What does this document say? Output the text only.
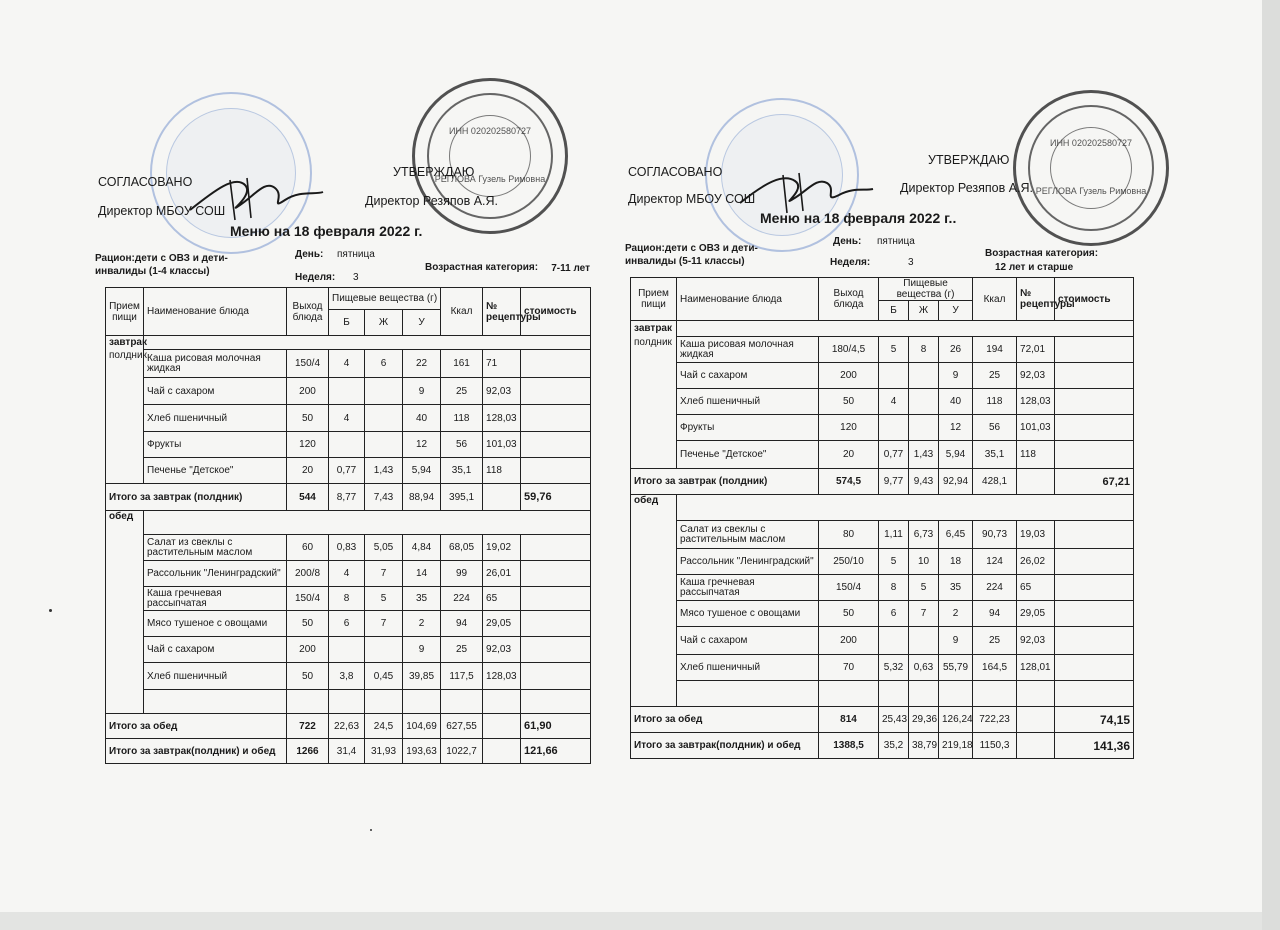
ИНН 020202580727
РЕГЛОВА Гузель Римовна
СОГЛАСОВАНО
Директор МБОУ СОШ
УТВЕРЖДАЮ
Директор Резяпов А.Я.
Меню на 18 февраля 2022 г.
Рацион:дети с ОВЗ и дети-инвалиды (1-4 классы)
День: пятница
Неделя: 3
Возрастная категория:	7-11 лет
Прием пищи	Наименование блюда	Выход блюда	Пищевые вещества (г)			Ккал	№ рецептуры	стоимость
			Б	Ж	У			
завтрак								
полдник	Каша рисовая молочная жидкая	150/4	4	6	22	161	71	
	Чай с сахаром	200			9	25	92,03	
	Хлеб пшеничный	50	4		40	118	128,03	
	Фрукты	120			12	56	101,03	
	Печенье "Детское"	20	0,77	1,43	5,94	35,1	118	
Итого за завтрак (полдник)		544	8,77	7,43	88,94	395,1		59,76
обед								
	Салат из свеклы с растительным маслом	60	0,83	5,05	4,84	68,05	19,02	
	Рассольник "Ленинградский"	200/8	4	7	14	99	26,01	
	Каша гречневая рассыпчатая	150/4	8	5	35	224	65	
	Мясо тушеное с овощами	50	6	7	2	94	29,05	
	Чай с сахаром	200			9	25	92,03	
	Хлеб пшеничный	50	3,8	0,45	39,85	117,5	128,03	

Итого за обед		722	22,63	24,5	104,69	627,55		61,90
Итого за завтрак(полдник) и обед		1266	31,4	31,93	193,63	1022,7		121,66
ИНН 020202580727
РЕГЛОВА Гузель Римовна
СОГЛАСОВАНО
Директор МБОУ СОШ
УТВЕРЖДАЮ
Директор Резяпов А.Я.
Меню на 18 февраля 2022 г..
Рацион:дети с ОВЗ и дети-инвалиды (5-11 классы)
День: пятница
Неделя:	3
Возрастная категория:
12 лет и старше
Прием пищи	Наименование блюда	Выход блюда	Пищевые вещества (г)			Ккал	№ рецептуры	стоимость
			Б	Ж	У			
завтрак								
полдник	Каша рисовая молочная жидкая	180/4,5	5	8	26	194	72,01	
	Чай с сахаром	200			9	25	92,03	
	Хлеб пшеничный	50	4		40	118	128,03	
	Фрукты	120			12	56	101,03	
	Печенье "Детское"	20	0,77	1,43	5,94	35,1	118	
Итого за завтрак (полдник)		574,5	9,77	9,43	92,94	428,1		67,21
обед								
	Салат из свеклы с растительным маслом	80	1,11	6,73	6,45	90,73	19,03	
	Рассольник "Ленинградский"	250/10	5	10	18	124	26,02	
	Каша гречневая рассыпчатая	150/4	8	5	35	224	65	
	Мясо тушеное с овощами	50	6	7	2	94	29,05	
	Чай с сахаром	200			9	25	92,03	
	Хлеб пшеничный	70	5,32	0,63	55,79	164,5	128,01	

Итого за обед		814	25,43	29,36	126,24	722,23		74,15
Итого за завтрак(полдник) и обед		1388,5	35,2	38,79	219,18	1150,3		141,36
